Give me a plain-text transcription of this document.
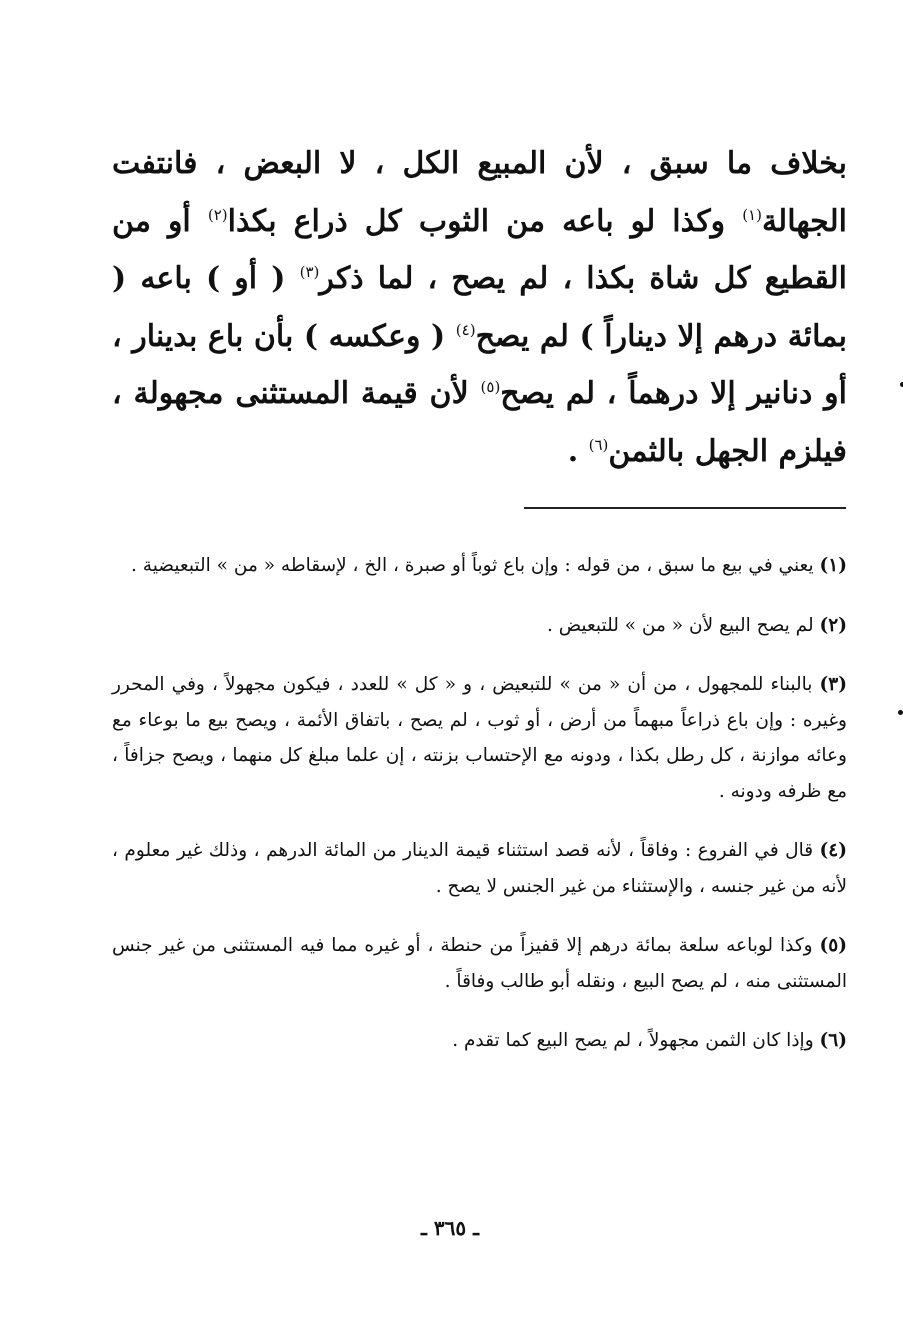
بخلاف ما سبق ، لأن المبيع الكل ، لا البعض ، فانتفت الجهالة$^{(١)}$ وكذا لو باعه من الثوب كل ذراع بكذا$^{(٢)}$ أو من القطيع كل شاة بكذا ، لم يصح ، لما ذكر$^{(٣)}$ ( أو ) باعه ( بمائة درهم إلا ديناراً ) لم يصح$^{(٤)}$ ( وعكسه ) بأن باع بدينار ، أو دنانير إلا درهماً ، لم يصح$^{(٥)}$ لأن قيمة المستثنى مجهولة ، فيلزم الجهل بالثمن$^{(٦)}$ .

(١) يعني في بيع ما سبق ، من قوله : وإن باع ثوباً أو صبرة ، الخ ، لإسقاطه « من » التبعيضية .

(٢) لم يصح البيع لأن « من » للتبعيض .

(٣) بالبناء للمجهول ، من أن « من » للتبعيض ، و « كل » للعدد ، فيكون مجهولاً ، وفي المحرر وغيره : وإن باع ذراعاً مبهماً من أرض ، أو ثوب ، لم يصح ، باتفاق الأئمة ، ويصح بيع ما بوعاء مع وعائه موازنة ، كل رطل بكذا ، ودونه مع الإحتساب بزنته ، إن علما مبلغ كل منهما ، ويصح جزافاً ، مع ظرفه ودونه .

(٤) قال في الفروع : وفاقاً ، لأنه قصد استثناء قيمة الدينار من المائة الدرهم ، وذلك غير معلوم ، لأنه من غير جنسه ، والإستثناء من غير الجنس لا يصح .

(٥) وكذا لوباعه سلعة بمائة درهم إلا قفيزاً من حنطة ، أو غيره مما فيه المستثنى من غير جنس المستثنى منه ، لم يصح البيع ، ونقله أبو طالب وفاقاً .

(٦) وإذا كان الثمن مجهولاً ، لم يصح البيع كما تقدم .

ـ ٣٦٥ ـ
